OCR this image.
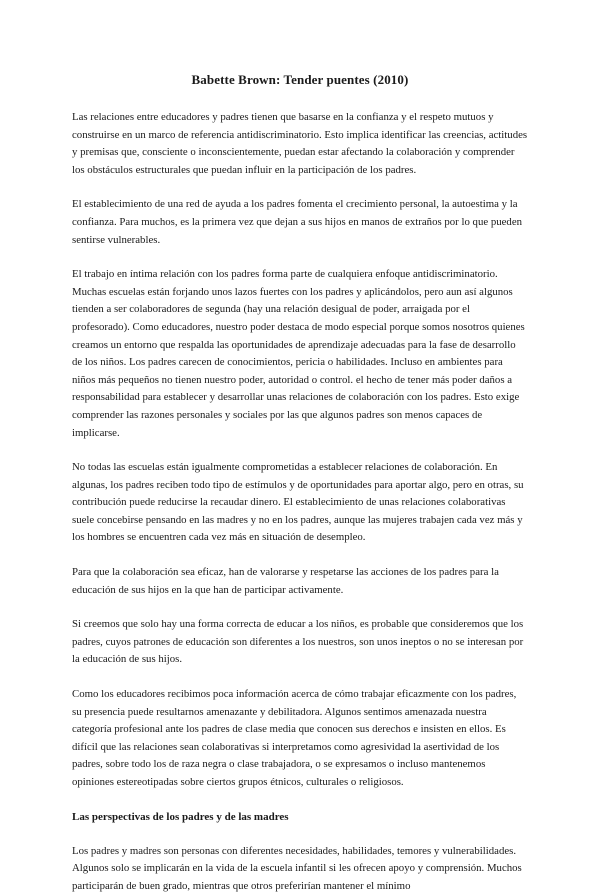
Babette Brown: Tender puentes (2010)

Las relaciones entre educadores y padres tienen que basarse en la confianza y el respeto mutuos y construirse en un marco de referencia antidiscriminatorio. Esto implica identificar las creencias, actitudes y premisas que, consciente o inconscientemente, puedan estar afectando la colaboración y comprender los obstáculos estructurales que puedan influir en la participación de los padres.

El establecimiento de una red de ayuda a los padres fomenta el crecimiento personal, la autoestima y la confianza. Para muchos, es la primera vez que dejan a sus hijos en manos de extraños por lo que pueden sentirse vulnerables.

El trabajo en íntima relación con los padres forma parte de cualquiera enfoque antidiscriminatorio. Muchas escuelas están forjando unos lazos fuertes con los padres y aplicándolos, pero aun así algunos tienden a ser colaboradores de segunda (hay una relación desigual de poder, arraigada por el profesorado). Como educadores, nuestro poder destaca de modo especial porque somos nosotros quienes creamos un entorno que respalda las oportunidades de aprendizaje adecuadas para la fase de desarrollo de los niños. Los padres carecen de conocimientos, pericia o habilidades. Incluso en ambientes para niños más pequeños no tienen nuestro poder, autoridad o control. el hecho de tener más poder daños a responsabilidad para establecer y desarrollar unas relaciones de colaboración con los padres. Esto exige comprender las razones personales y sociales por las que algunos padres son menos capaces de implicarse.

No todas las escuelas están igualmente comprometidas a establecer relaciones de colaboración. En algunas, los padres reciben todo tipo de estímulos y de oportunidades para aportar algo, pero en otras, su contribución puede reducirse la recaudar dinero. El establecimiento de unas relaciones colaborativas suele concebirse pensando en las madres y no en los padres, aunque las mujeres trabajen cada vez más y los hombres se encuentren cada vez más en situación de desempleo.

Para que la colaboración sea eficaz, han de valorarse y respetarse las acciones de los padres para la educación de sus hijos en la que han de participar activamente.

Si creemos que solo hay una forma correcta de educar a los niños, es probable que consideremos que los padres, cuyos patrones de educación son diferentes a los nuestros, son unos ineptos o no se interesan por la educación de sus hijos.

Como los educadores recibimos poca información acerca de cómo trabajar eficazmente con los padres, su presencia puede resultarnos amenazante y debilitadora. Algunos sentimos amenazada nuestra categoría profesional ante los padres de clase media que conocen sus derechos e insisten en ellos. Es difícil que las relaciones sean colaborativas si interpretamos como agresividad la asertividad de los padres, sobre todo los de raza negra o clase trabajadora, o se expresamos o incluso mantenemos opiniones estereotipadas sobre ciertos grupos étnicos, culturales o religiosos.

Las perspectivas de los padres y de las madres

Los padres y madres son personas con diferentes necesidades, habilidades, temores y vulnerabilidades. Algunos solo se implicarán en la vida de la escuela infantil si les ofrecen apoyo y comprensión. Muchos participarán de buen grado, mientras que otros preferirían mantener el mínimo
